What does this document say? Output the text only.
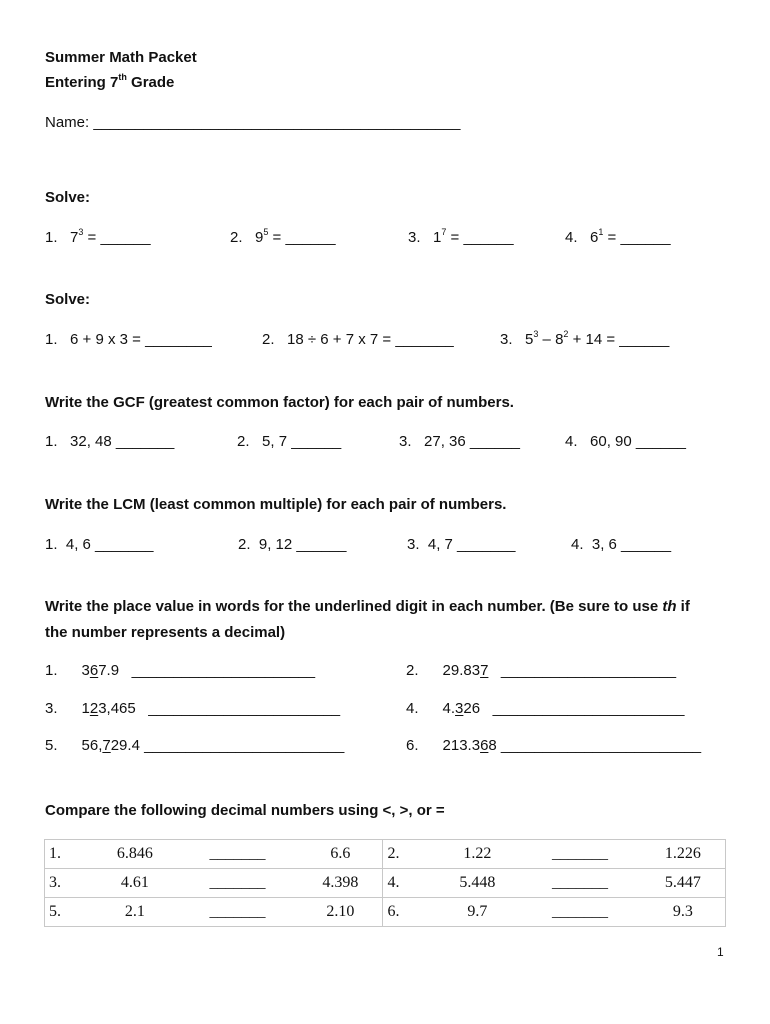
Summer Math Packet
Entering 7th Grade
Name: ____________________________________________
Solve:
1. $7^3$ = ______	2. $9^5$ = ______	3. $1^7$ = ______	4. $6^1$ = ______
Solve:
1. 6 + 9 x 3 = ________	2. 18 ÷ 6 + 7 x 7 = _______	3. $5^3 - 8^2 + 14$ = ______
Write the GCF (greatest common factor) for each pair of numbers.
1. 32, 48 _______	2. 5, 7 ______	3. 27, 36 ______	4. 60, 90 ______
Write the LCM (least common multiple) for each pair of numbers.
1. 4, 6 _______	2. 9, 12 ______	3. 4, 7 _______	4. 3, 6 ______
Write the place value in words for the underlined digit in each number. (Be sure to use th if
the number represents a decimal)
1. 367.9 ______________________	2. 29.837 _____________________
3. 123,465 _______________________	4. 4.326 _______________________
5. 56,729.4 ________________________	6. 213.368 ________________________
Compare the following decimal numbers using <, >, or =
1.	6.846	_______	6.6	2.	1.22	_______	1.226
3.	4.61	_______	4.398	4.	5.448	_______	5.447
5.	2.1	_______	2.10	6.	9.7	_______	9.3
1
